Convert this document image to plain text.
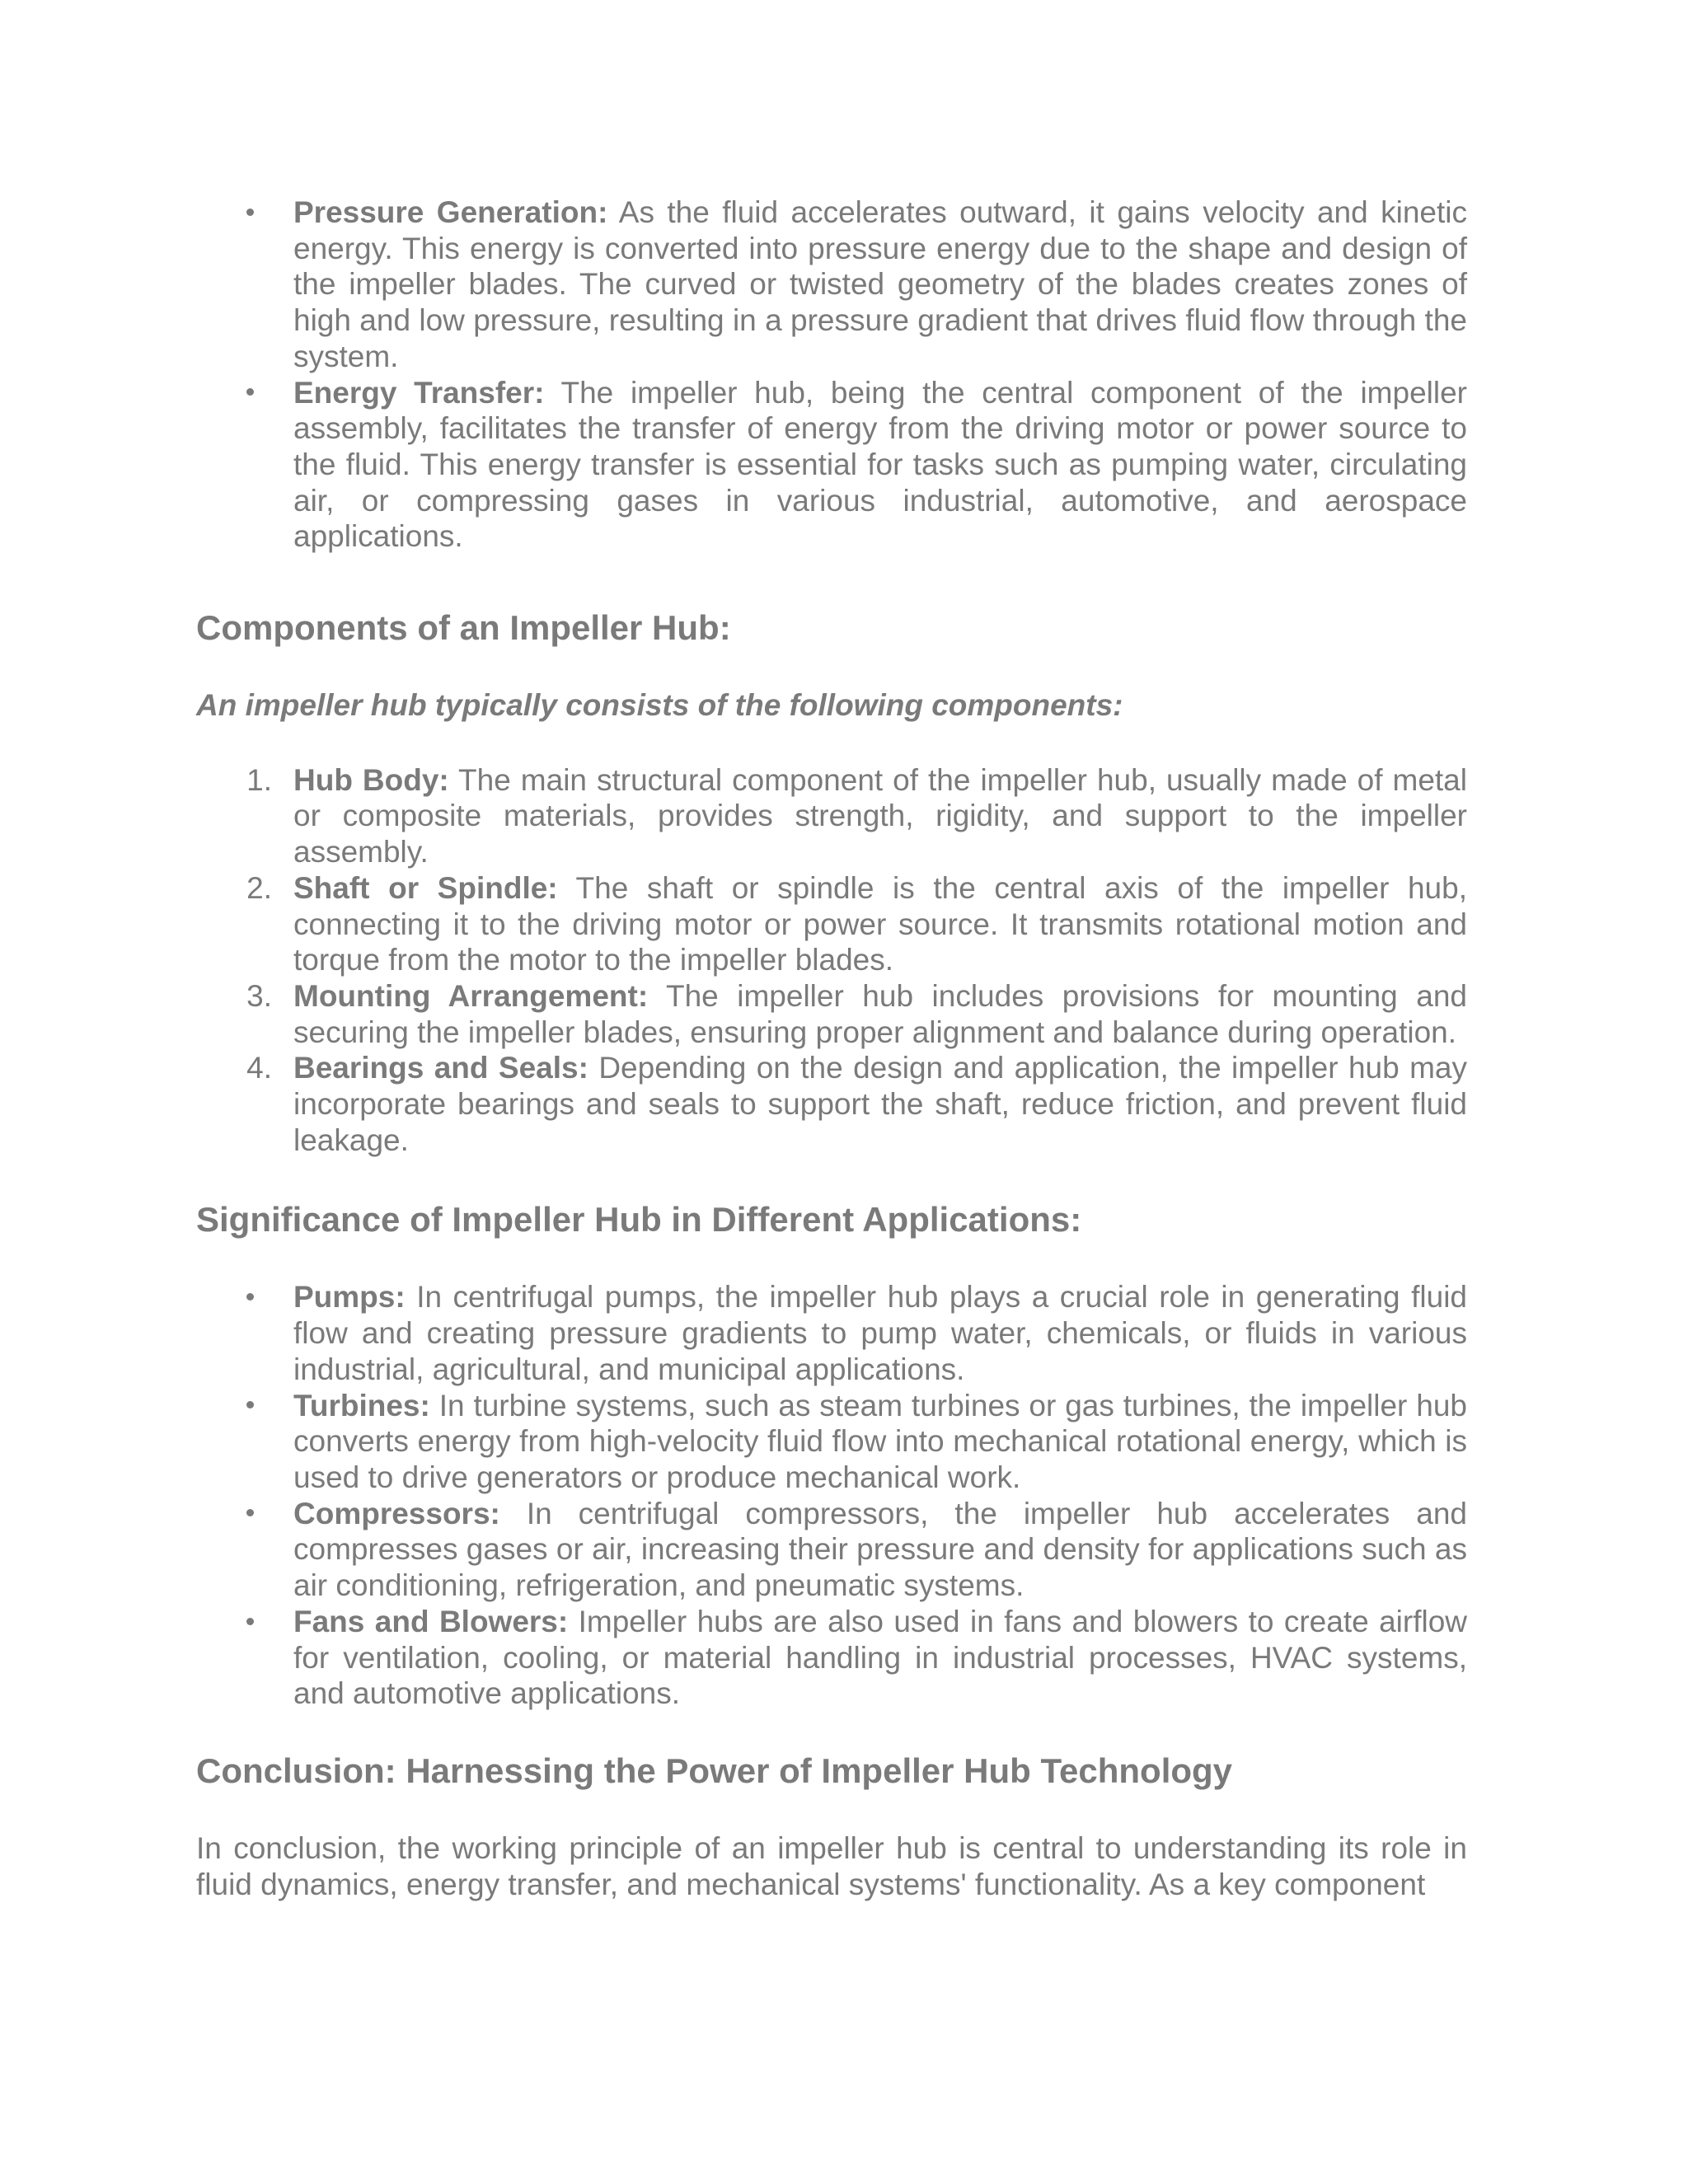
Pressure Generation: As the fluid accelerates outward, it gains velocity and kinetic energy. This energy is converted into pressure energy due to the shape and design of the impeller blades. The curved or twisted geometry of the blades creates zones of high and low pressure, resulting in a pressure gradient that drives fluid flow through the system.
Energy Transfer: The impeller hub, being the central component of the impeller assembly, facilitates the transfer of energy from the driving motor or power source to the fluid. This energy transfer is essential for tasks such as pumping water, circulating air, or compressing gases in various industrial, automotive, and aerospace applications.
Components of an Impeller Hub:

An impeller hub typically consists of the following components:

1. Hub Body: The main structural component of the impeller hub, usually made of metal or composite materials, provides strength, rigidity, and support to the impeller assembly.
2. Shaft or Spindle: The shaft or spindle is the central axis of the impeller hub, connecting it to the driving motor or power source. It transmits rotational motion and torque from the motor to the impeller blades.
3. Mounting Arrangement: The impeller hub includes provisions for mounting and securing the impeller blades, ensuring proper alignment and balance during operation.
4. Bearings and Seals: Depending on the design and application, the impeller hub may incorporate bearings and seals to support the shaft, reduce friction, and prevent fluid leakage.
Significance of Impeller Hub in Different Applications:
Pumps: In centrifugal pumps, the impeller hub plays a crucial role in generating fluid flow and creating pressure gradients to pump water, chemicals, or fluids in various industrial, agricultural, and municipal applications.
Turbines: In turbine systems, such as steam turbines or gas turbines, the impeller hub converts energy from high-velocity fluid flow into mechanical rotational energy, which is used to drive generators or produce mechanical work.
Compressors: In centrifugal compressors, the impeller hub accelerates and compresses gases or air, increasing their pressure and density for applications such as air conditioning, refrigeration, and pneumatic systems.
Fans and Blowers: Impeller hubs are also used in fans and blowers to create airflow for ventilation, cooling, or material handling in industrial processes, HVAC systems, and automotive applications.
Conclusion: Harnessing the Power of Impeller Hub Technology

In conclusion, the working principle of an impeller hub is central to understanding its role in fluid dynamics, energy transfer, and mechanical systems' functionality. As a key component
